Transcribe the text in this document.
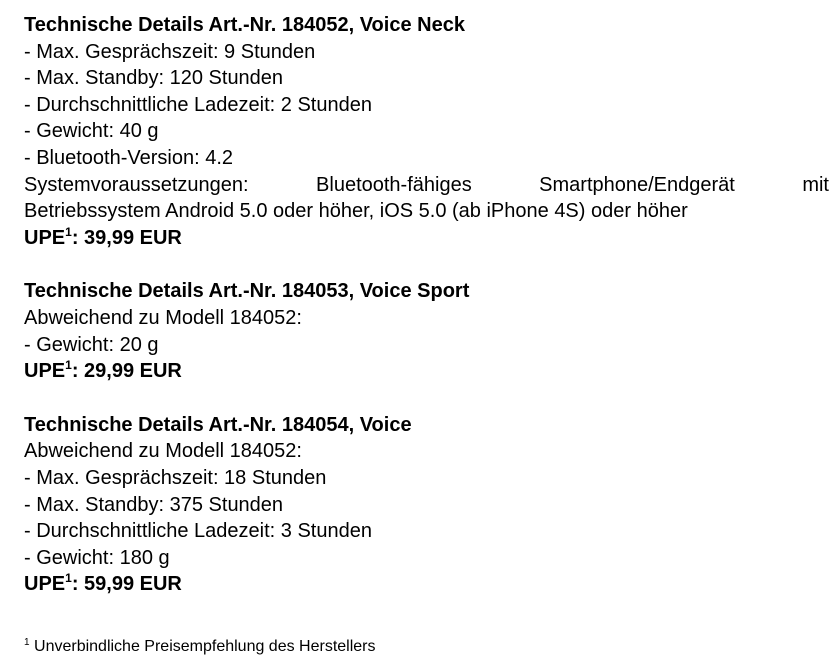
Technische Details Art.-Nr. 184052, Voice Neck
- Max. Gesprächszeit: 9 Stunden
- Max. Standby: 120 Stunden
- Durchschnittliche Ladezeit: 2 Stunden
- Gewicht: 40 g
- Bluetooth-Version: 4.2
Systemvoraussetzungen: Bluetooth-fähiges Smartphone/Endgerät mit
Betriebssystem Android 5.0 oder höher, iOS 5.0 (ab iPhone 4S) oder höher
UPE$^1$: 39,99 EUR
Technische Details Art.-Nr. 184053, Voice Sport
Abweichend zu Modell 184052:
- Gewicht: 20 g
UPE$^1$: 29,99 EUR
Technische Details Art.-Nr. 184054, Voice
Abweichend zu Modell 184052:
- Max. Gesprächszeit: 18 Stunden
- Max. Standby: 375 Stunden
- Durchschnittliche Ladezeit: 3 Stunden
- Gewicht: 180 g
UPE$^1$: 59,99 EUR
$^1$ Unverbindliche Preisempfehlung des Herstellers
